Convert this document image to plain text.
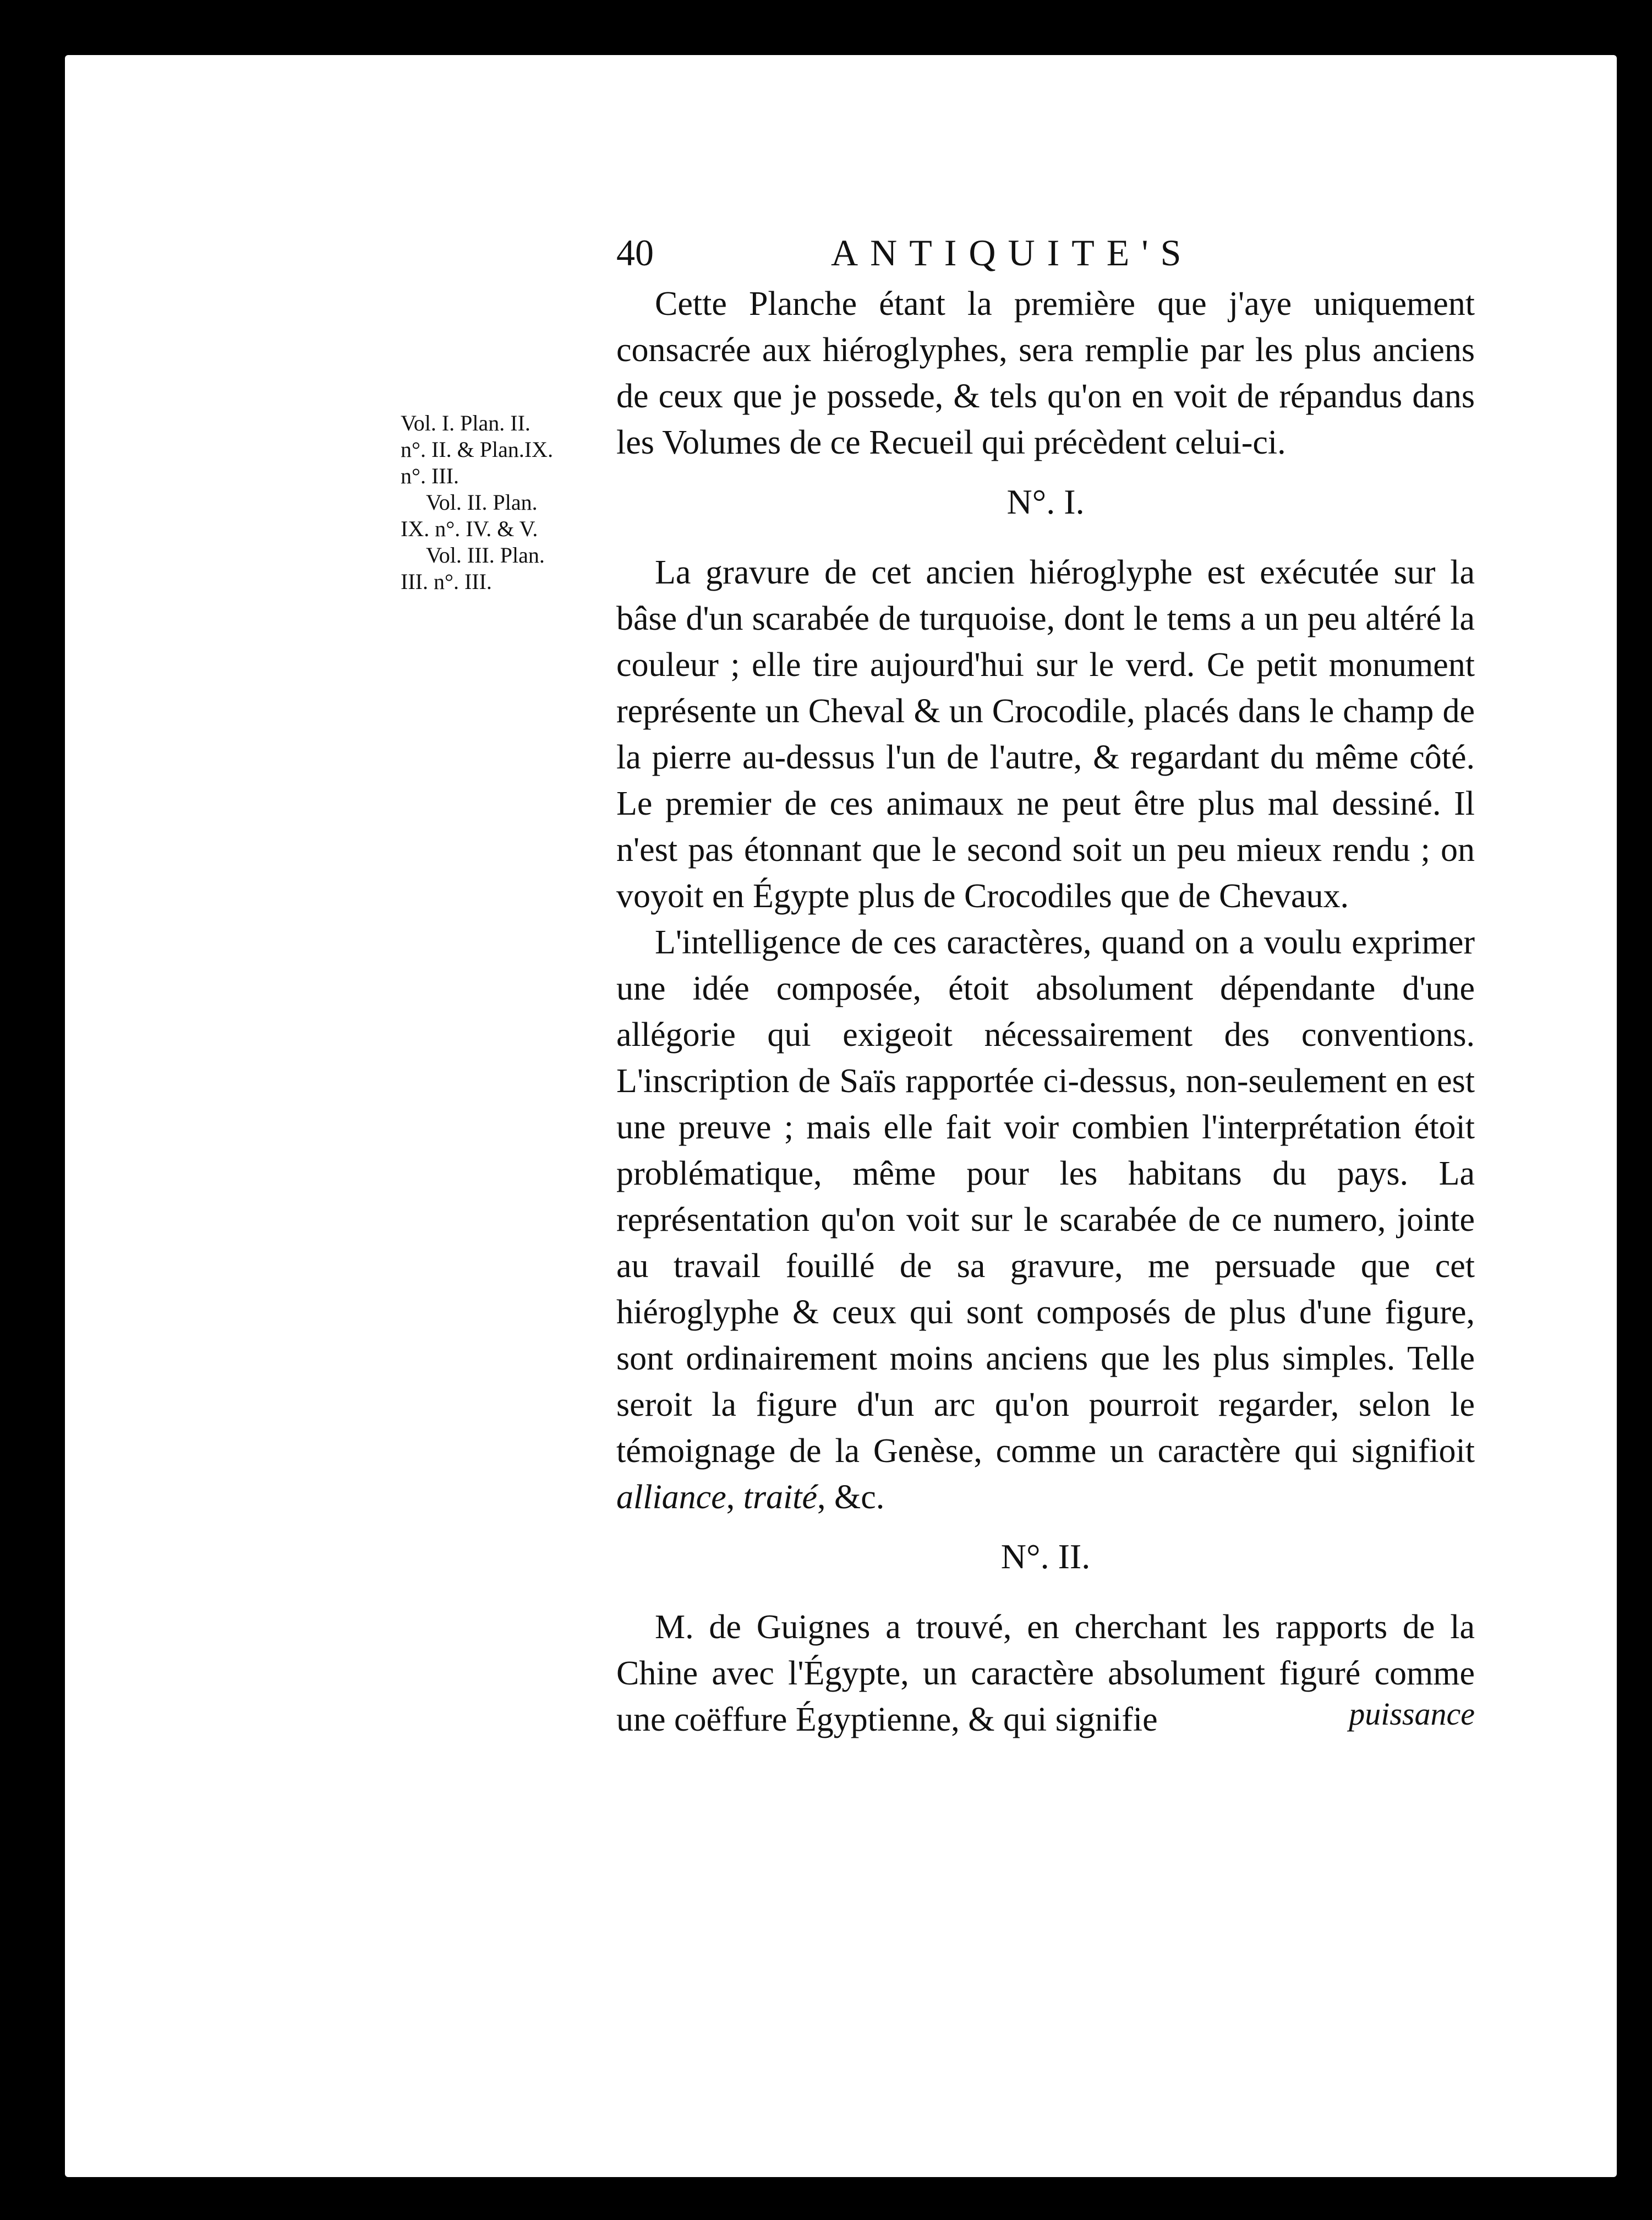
40	ANTIQUITE'S
Vol. I. Plan. II.
n°. II. & Plan.IX.
n°. III.
Vol. II. Plan.
IX. n°. IV. & V.
Vol. III. Plan.
III. n°. III.

Cette Planche étant la première que j'aye uniquement consacrée aux hiéroglyphes, sera remplie par les plus anciens de ceux que je possede, & tels qu'on en voit de répandus dans les Volumes de ce Recueil qui précèdent celui-ci.

N°. I.

La gravure de cet ancien hiéroglyphe est exécutée sur la bâse d'un scarabée de turquoise, dont le tems a un peu altéré la couleur ; elle tire aujourd'hui sur le verd. Ce petit monument représente un Cheval & un Crocodile, placés dans le champ de la pierre au-dessus l'un de l'autre, & regardant du même côté. Le premier de ces animaux ne peut être plus mal dessiné. Il n'est pas étonnant que le second soit un peu mieux rendu ; on voyoit en Égypte plus de Crocodiles que de Chevaux.

L'intelligence de ces caractères, quand on a voulu exprimer une idée composée, étoit absolument dépendante d'une allégorie qui exigeoit nécessairement des conventions. L'inscription de Saïs rapportée ci-dessus, non-seulement en est une preuve ; mais elle fait voir combien l'interprétation étoit problématique, même pour les habitans du pays. La représentation qu'on voit sur le scarabée de ce numero, jointe au travail fouillé de sa gravure, me persuade que cet hiéroglyphe & ceux qui sont composés de plus d'une figure, sont ordinairement moins anciens que les plus simples. Telle seroit la figure d'un arc qu'on pourroit regarder, selon le témoignage de la Genèse, comme un caractère qui signifioit alliance, traité, &c.

N°. II.

M. de Guignes a trouvé, en cherchant les rapports de la Chine avec l'Égypte, un caractère absolument figuré comme une coëffure Égyptienne, & qui signifie	puissance
